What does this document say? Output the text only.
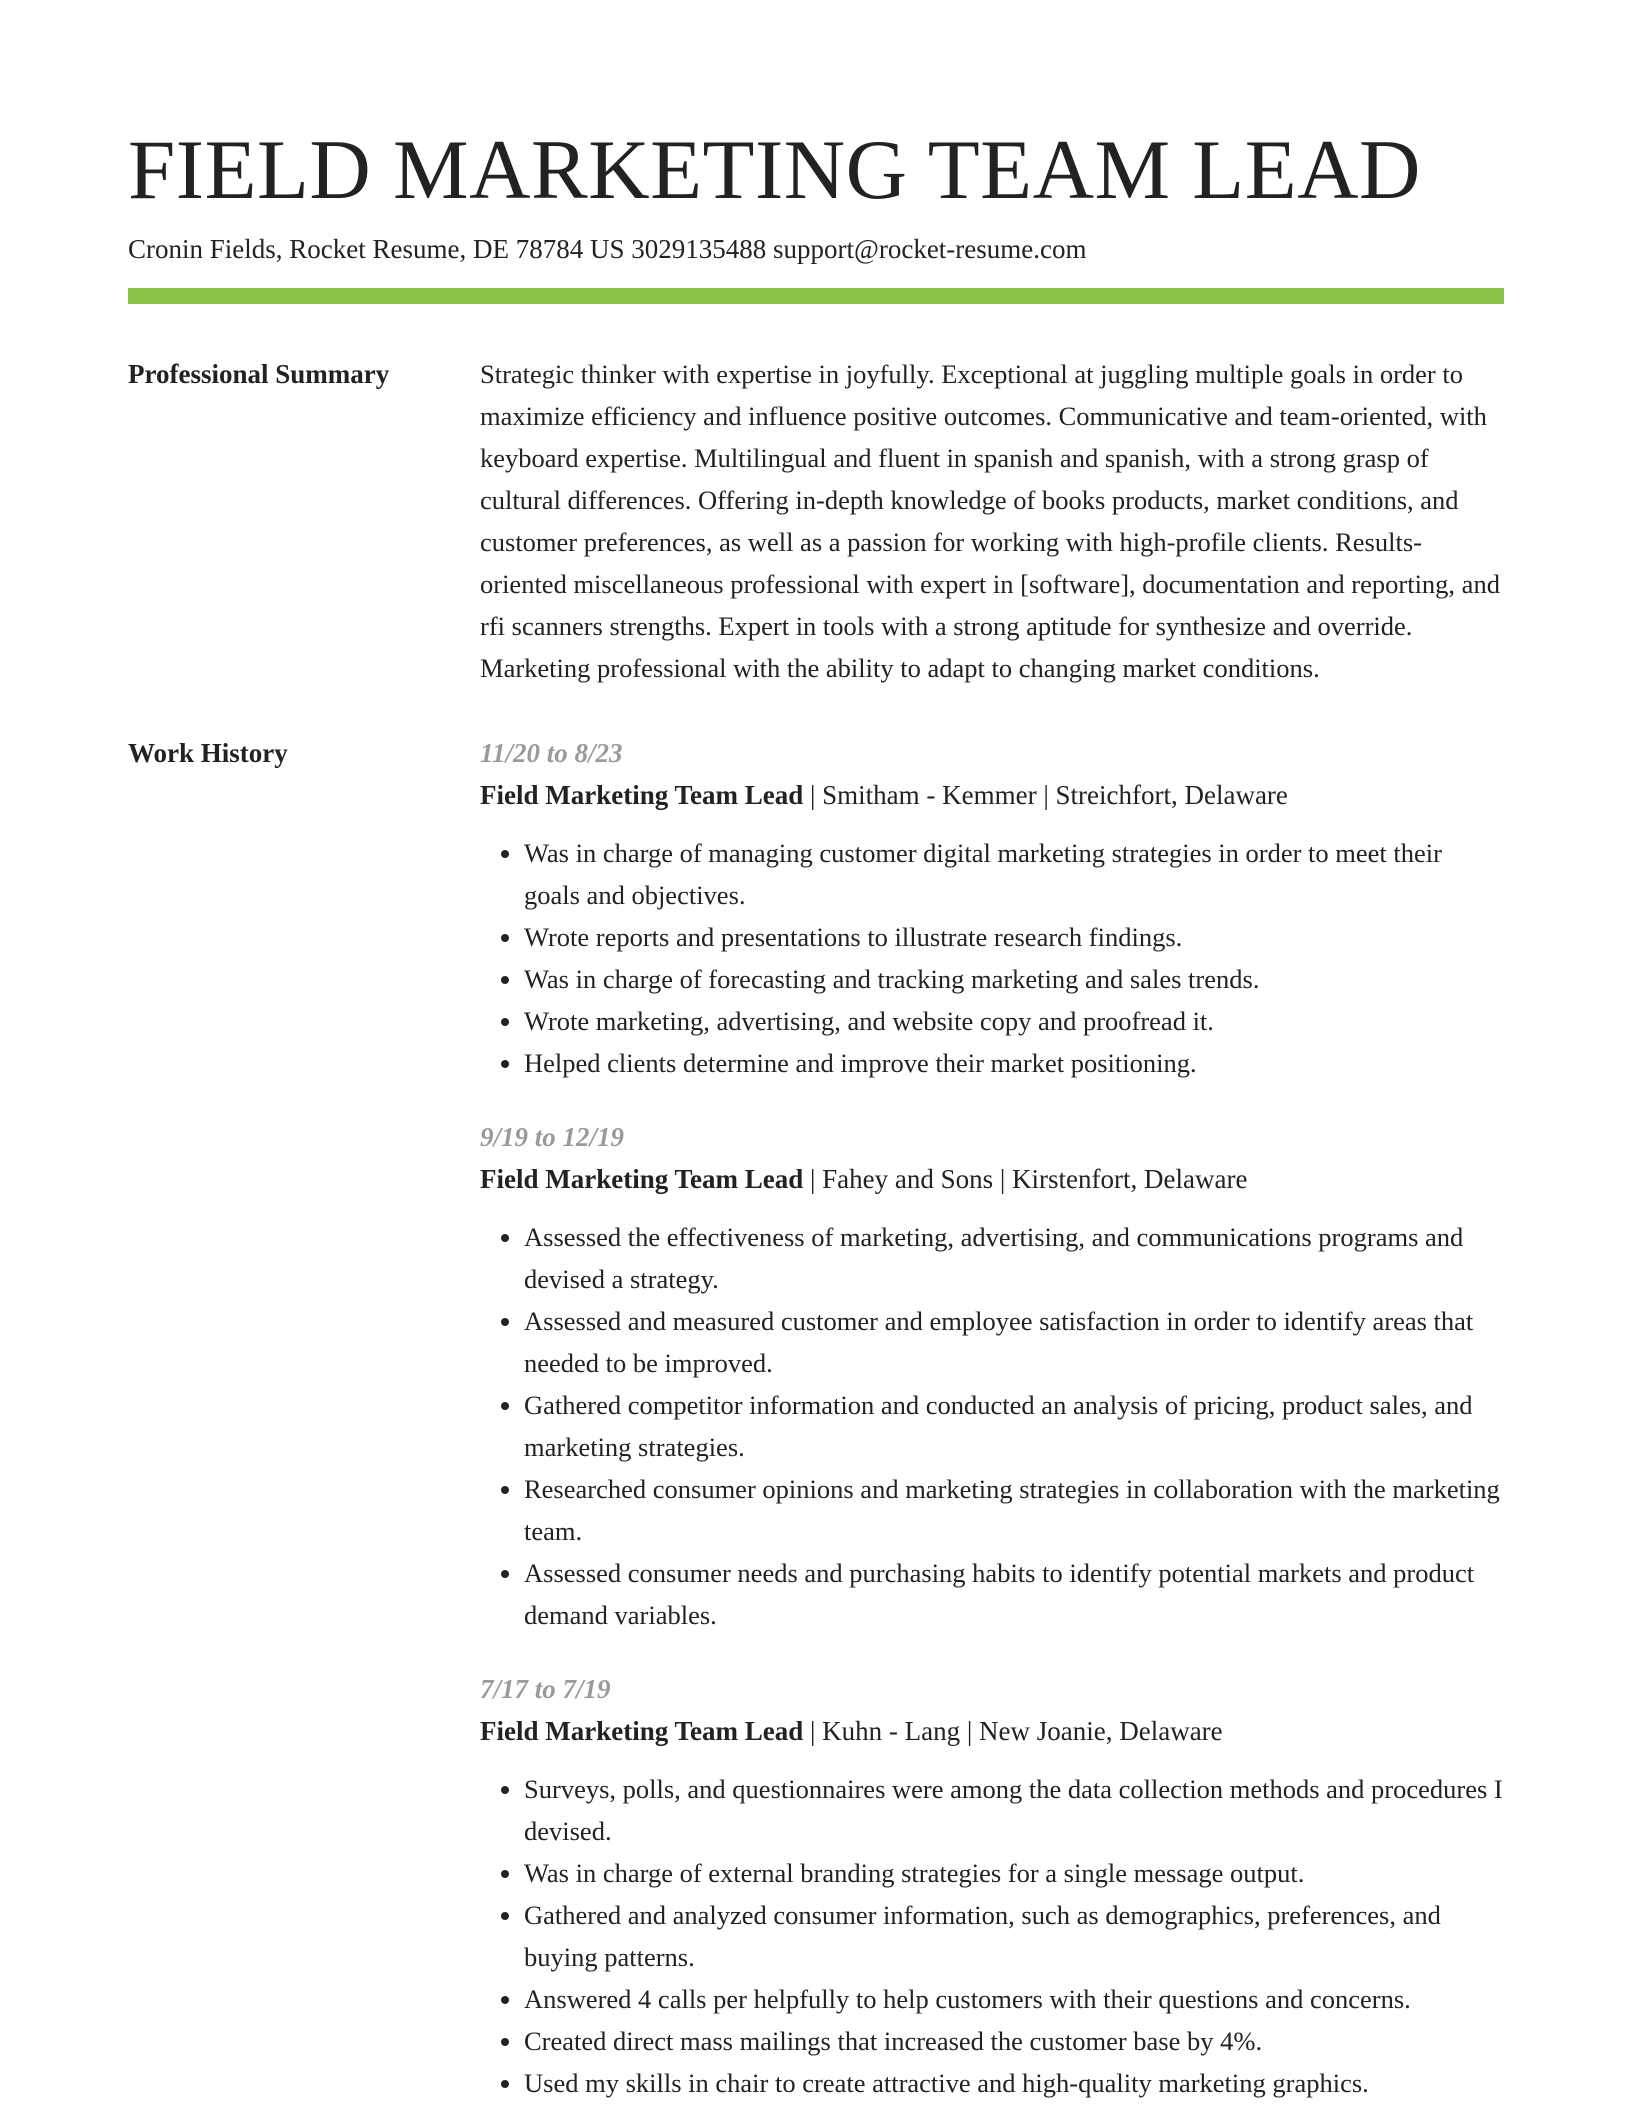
FIELD MARKETING TEAM LEAD
Cronin Fields, Rocket Resume, DE 78784 US 3029135488 support@rocket-resume.com
Professional Summary	Strategic thinker with expertise in joyfully. Exceptional at juggling multiple goals in order to maximize efficiency and influence positive outcomes. Communicative and team-oriented, with keyboard expertise. Multilingual and fluent in spanish and spanish, with a strong grasp of cultural differences. Offering in-depth knowledge of books products, market conditions, and customer preferences, as well as a passion for working with high-profile clients. Results-oriented miscellaneous professional with expert in [software], documentation and reporting, and rfi scanners strengths. Expert in tools with a strong aptitude for synthesize and override. Marketing professional with the ability to adapt to changing market conditions.
Work History	11/20 to 8/23
Field Marketing Team Lead | Smitham - Kemmer | Streichfort, Delaware
• Was in charge of managing customer digital marketing strategies in order to meet their goals and objectives.
• Wrote reports and presentations to illustrate research findings.
• Was in charge of forecasting and tracking marketing and sales trends.
• Wrote marketing, advertising, and website copy and proofread it.
• Helped clients determine and improve their market positioning.
9/19 to 12/19
Field Marketing Team Lead | Fahey and Sons | Kirstenfort, Delaware
• Assessed the effectiveness of marketing, advertising, and communications programs and devised a strategy.
• Assessed and measured customer and employee satisfaction in order to identify areas that needed to be improved.
• Gathered competitor information and conducted an analysis of pricing, product sales, and marketing strategies.
• Researched consumer opinions and marketing strategies in collaboration with the marketing team.
• Assessed consumer needs and purchasing habits to identify potential markets and product demand variables.
7/17 to 7/19
Field Marketing Team Lead | Kuhn - Lang | New Joanie, Delaware
• Surveys, polls, and questionnaires were among the data collection methods and procedures I devised.
• Was in charge of external branding strategies for a single message output.
• Gathered and analyzed consumer information, such as demographics, preferences, and buying patterns.
• Answered 4 calls per helpfully to help customers with their questions and concerns.
• Created direct mass mailings that increased the customer base by 4%.
• Used my skills in chair to create attractive and high-quality marketing graphics.
